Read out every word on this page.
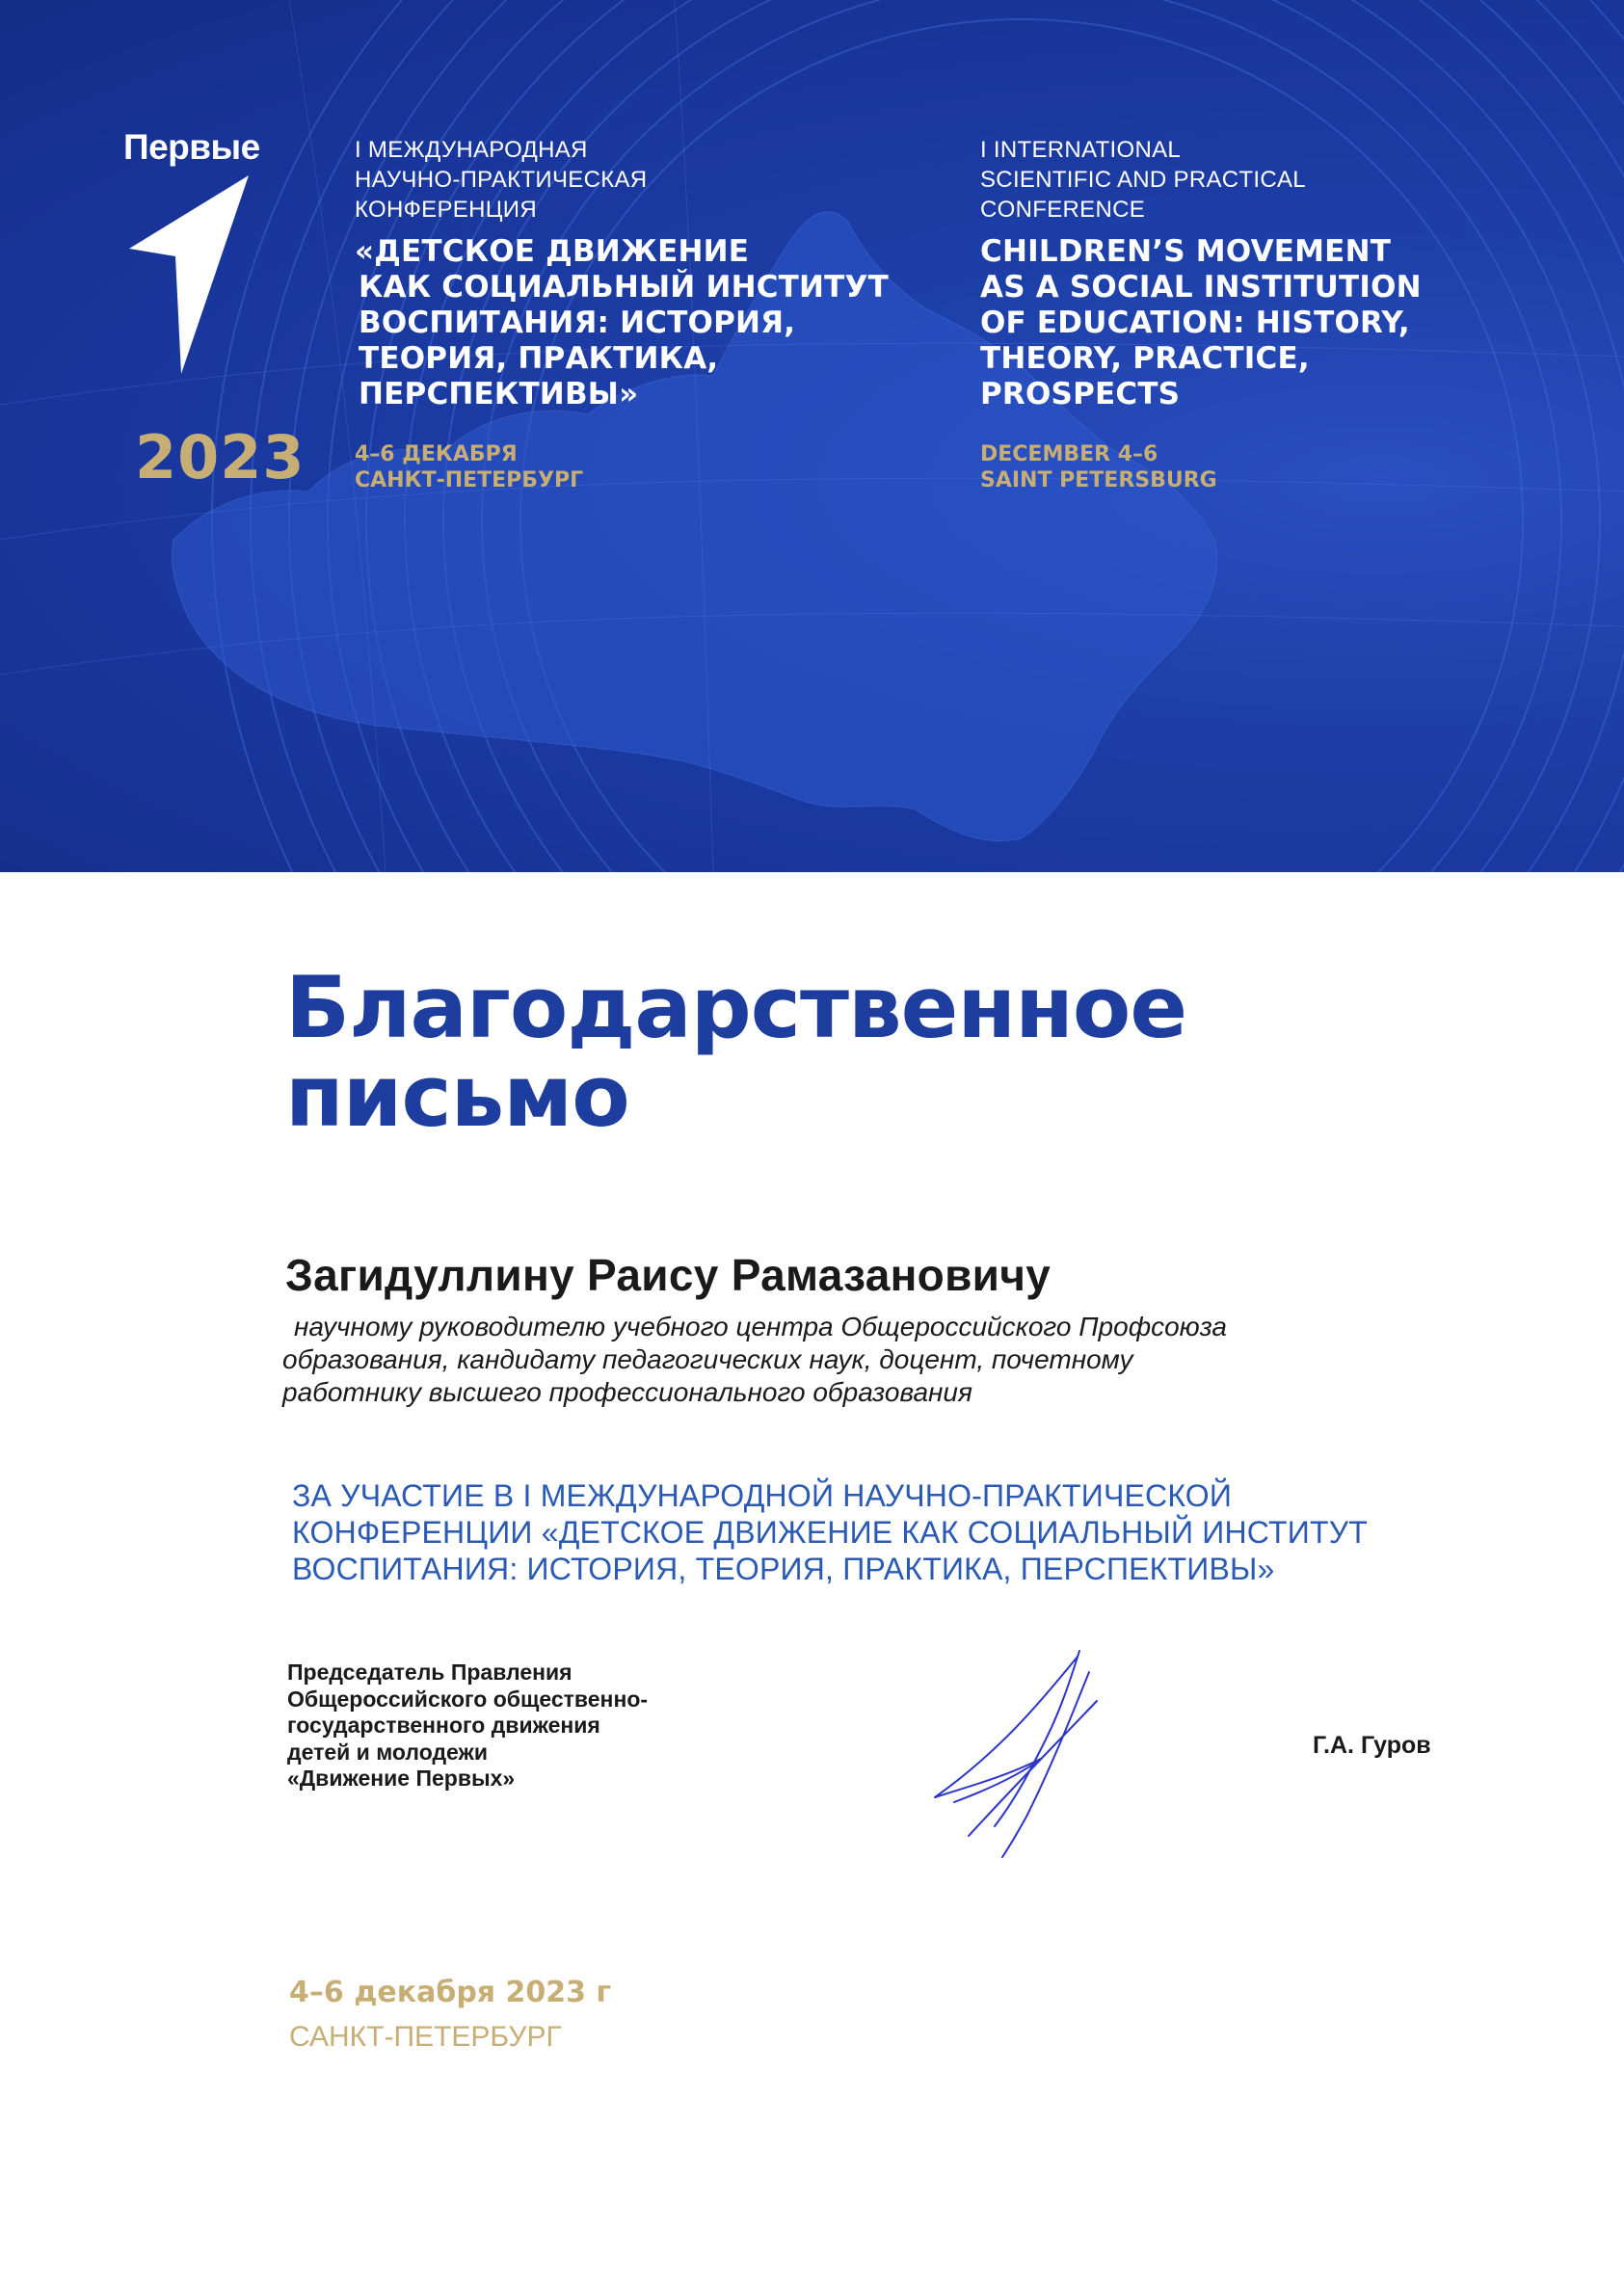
Первые
2023

I МЕЖДУНАРОДНАЯ

НАУЧНО-ПРАКТИЧЕСКАЯ

КОНФЕРЕНЦИЯ

«ДЕТСКОЕ ДВИЖЕНИЕ
КАК СОЦИАЛЬНЫЙ ИНСТИТУТ
ВОСПИТАНИЯ: ИСТОРИЯ,
ТЕОРИЯ, ПРАКТИКА,
ПЕРСПЕКТИВЫ»

4–6 ДЕКАБРЯ
САНКТ-ПЕТЕРБУРГ

I INTERNATIONAL

SCIENTIFIC AND PRACTICAL

CONFERENCE

CHILDREN’S MOVEMENT
AS A SOCIAL INSTITUTION
OF EDUCATION: HISTORY,
THEORY, PRACTICE,
PROSPECTS

DECEMBER 4–6
SAINT PETERSBURG

Благодарственное
письмо

Загидуллину Раису Рамазановичу

научному руководителю учебного центра Общероссийского Профсоюза
образования, кандидату педагогических наук, доцент, почетному
работнику высшего профессионального образования

ЗА УЧАСТИЕ В I МЕЖДУНАРОДНОЙ НАУЧНО-ПРАКТИЧЕСКОЙ
КОНФЕРЕНЦИИ «ДЕТСКОЕ ДВИЖЕНИЕ КАК СОЦИАЛЬНЫЙ ИНСТИТУТ
ВОСПИТАНИЯ: ИСТОРИЯ, ТЕОРИЯ, ПРАКТИКА, ПЕРСПЕКТИВЫ»

Председатель Правления
Общероссийского общественно-
государственного движения
детей и молодежи
«Движение Первых»

Г.А. Гуров

4–6 декабря 2023 г

САНКТ-ПЕТЕРБУРГ
